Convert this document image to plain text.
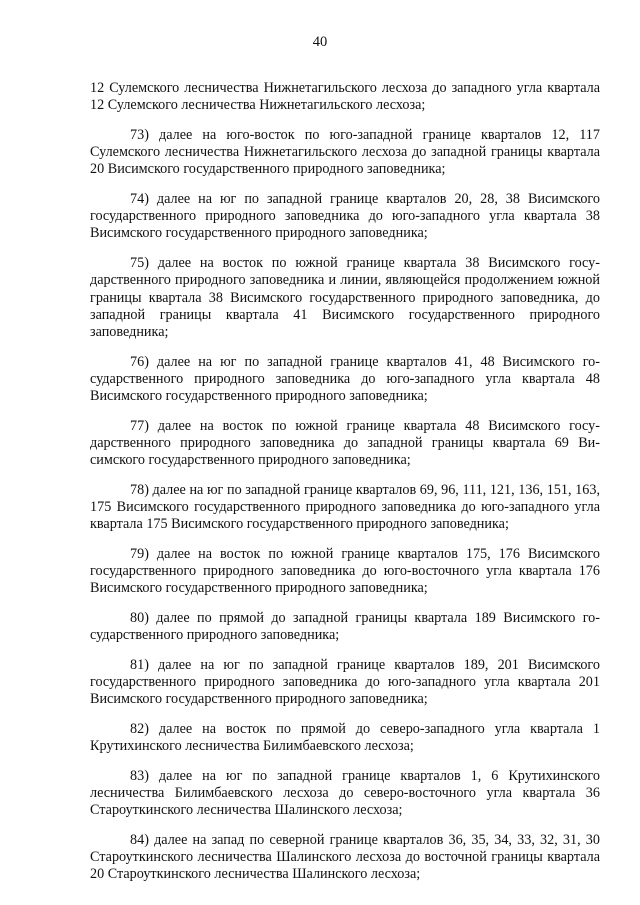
40

12 Сулемского лесничества Нижнетагильского лесхоза до западного угла квартала 12 Сулемского лесничества Нижнетагильского лесхоза;

73) далее на юго-восток по юго-западной границе кварталов 12, 117 Сулемского лесничества Нижнетагильского лесхоза до западной границы квартала 20 Висимского государственного природного заповедника;

74) далее на юг по западной границе кварталов 20, 28, 38 Висимского государственного природного заповедника до юго-западного угла квартала 38 Висимского государственного природного заповедника;

75) далее на восток по южной границе квартала 38 Висимского государственного природного заповедника и линии, являющейся продолжением южной границы квартала 38 Висимского государственного природного заповедника, до западной границы квартала 41 Висимского государственного природного заповедника;

76) далее на юг по западной границе кварталов 41, 48 Висимского государственного природного заповедника до юго-западного угла квартала 48 Висимского государственного природного заповедника;

77) далее на восток по южной границе квартала 48 Висимского государственного природного заповедника до западной границы квартала 69 Висимского государственного природного заповедника;

78) далее на юг по западной границе кварталов 69, 96, 111, 121, 136, 151, 163, 175 Висимского государственного природного заповедника до юго-западного угла квартала 175 Висимского государственного природного заповедника;

79) далее на восток по южной границе кварталов 175, 176 Висимского государственного природного заповедника до юго-восточного угла квартала 176 Висимского государственного природного заповедника;

80) далее по прямой до западной границы квартала 189 Висимского государственного природного заповедника;

81) далее на юг по западной границе кварталов 189, 201 Висимского государственного природного заповедника до юго-западного угла квартала 201 Висимского государственного природного заповедника;

82) далее на восток по прямой до северо-западного угла квартала 1 Крутихинского лесничества Билимбаевского лесхоза;

83) далее на юг по западной границе кварталов 1, 6 Крутихинского лесничества Билимбаевского лесхоза до северо-восточного угла квартала 36 Староуткинского лесничества Шалинского лесхоза;

84) далее на запад по северной границе кварталов 36, 35, 34, 33, 32, 31, 30 Староуткинского лесничества Шалинского лесхоза до восточной границы квартала 20 Староуткинского лесничества Шалинского лесхоза;
